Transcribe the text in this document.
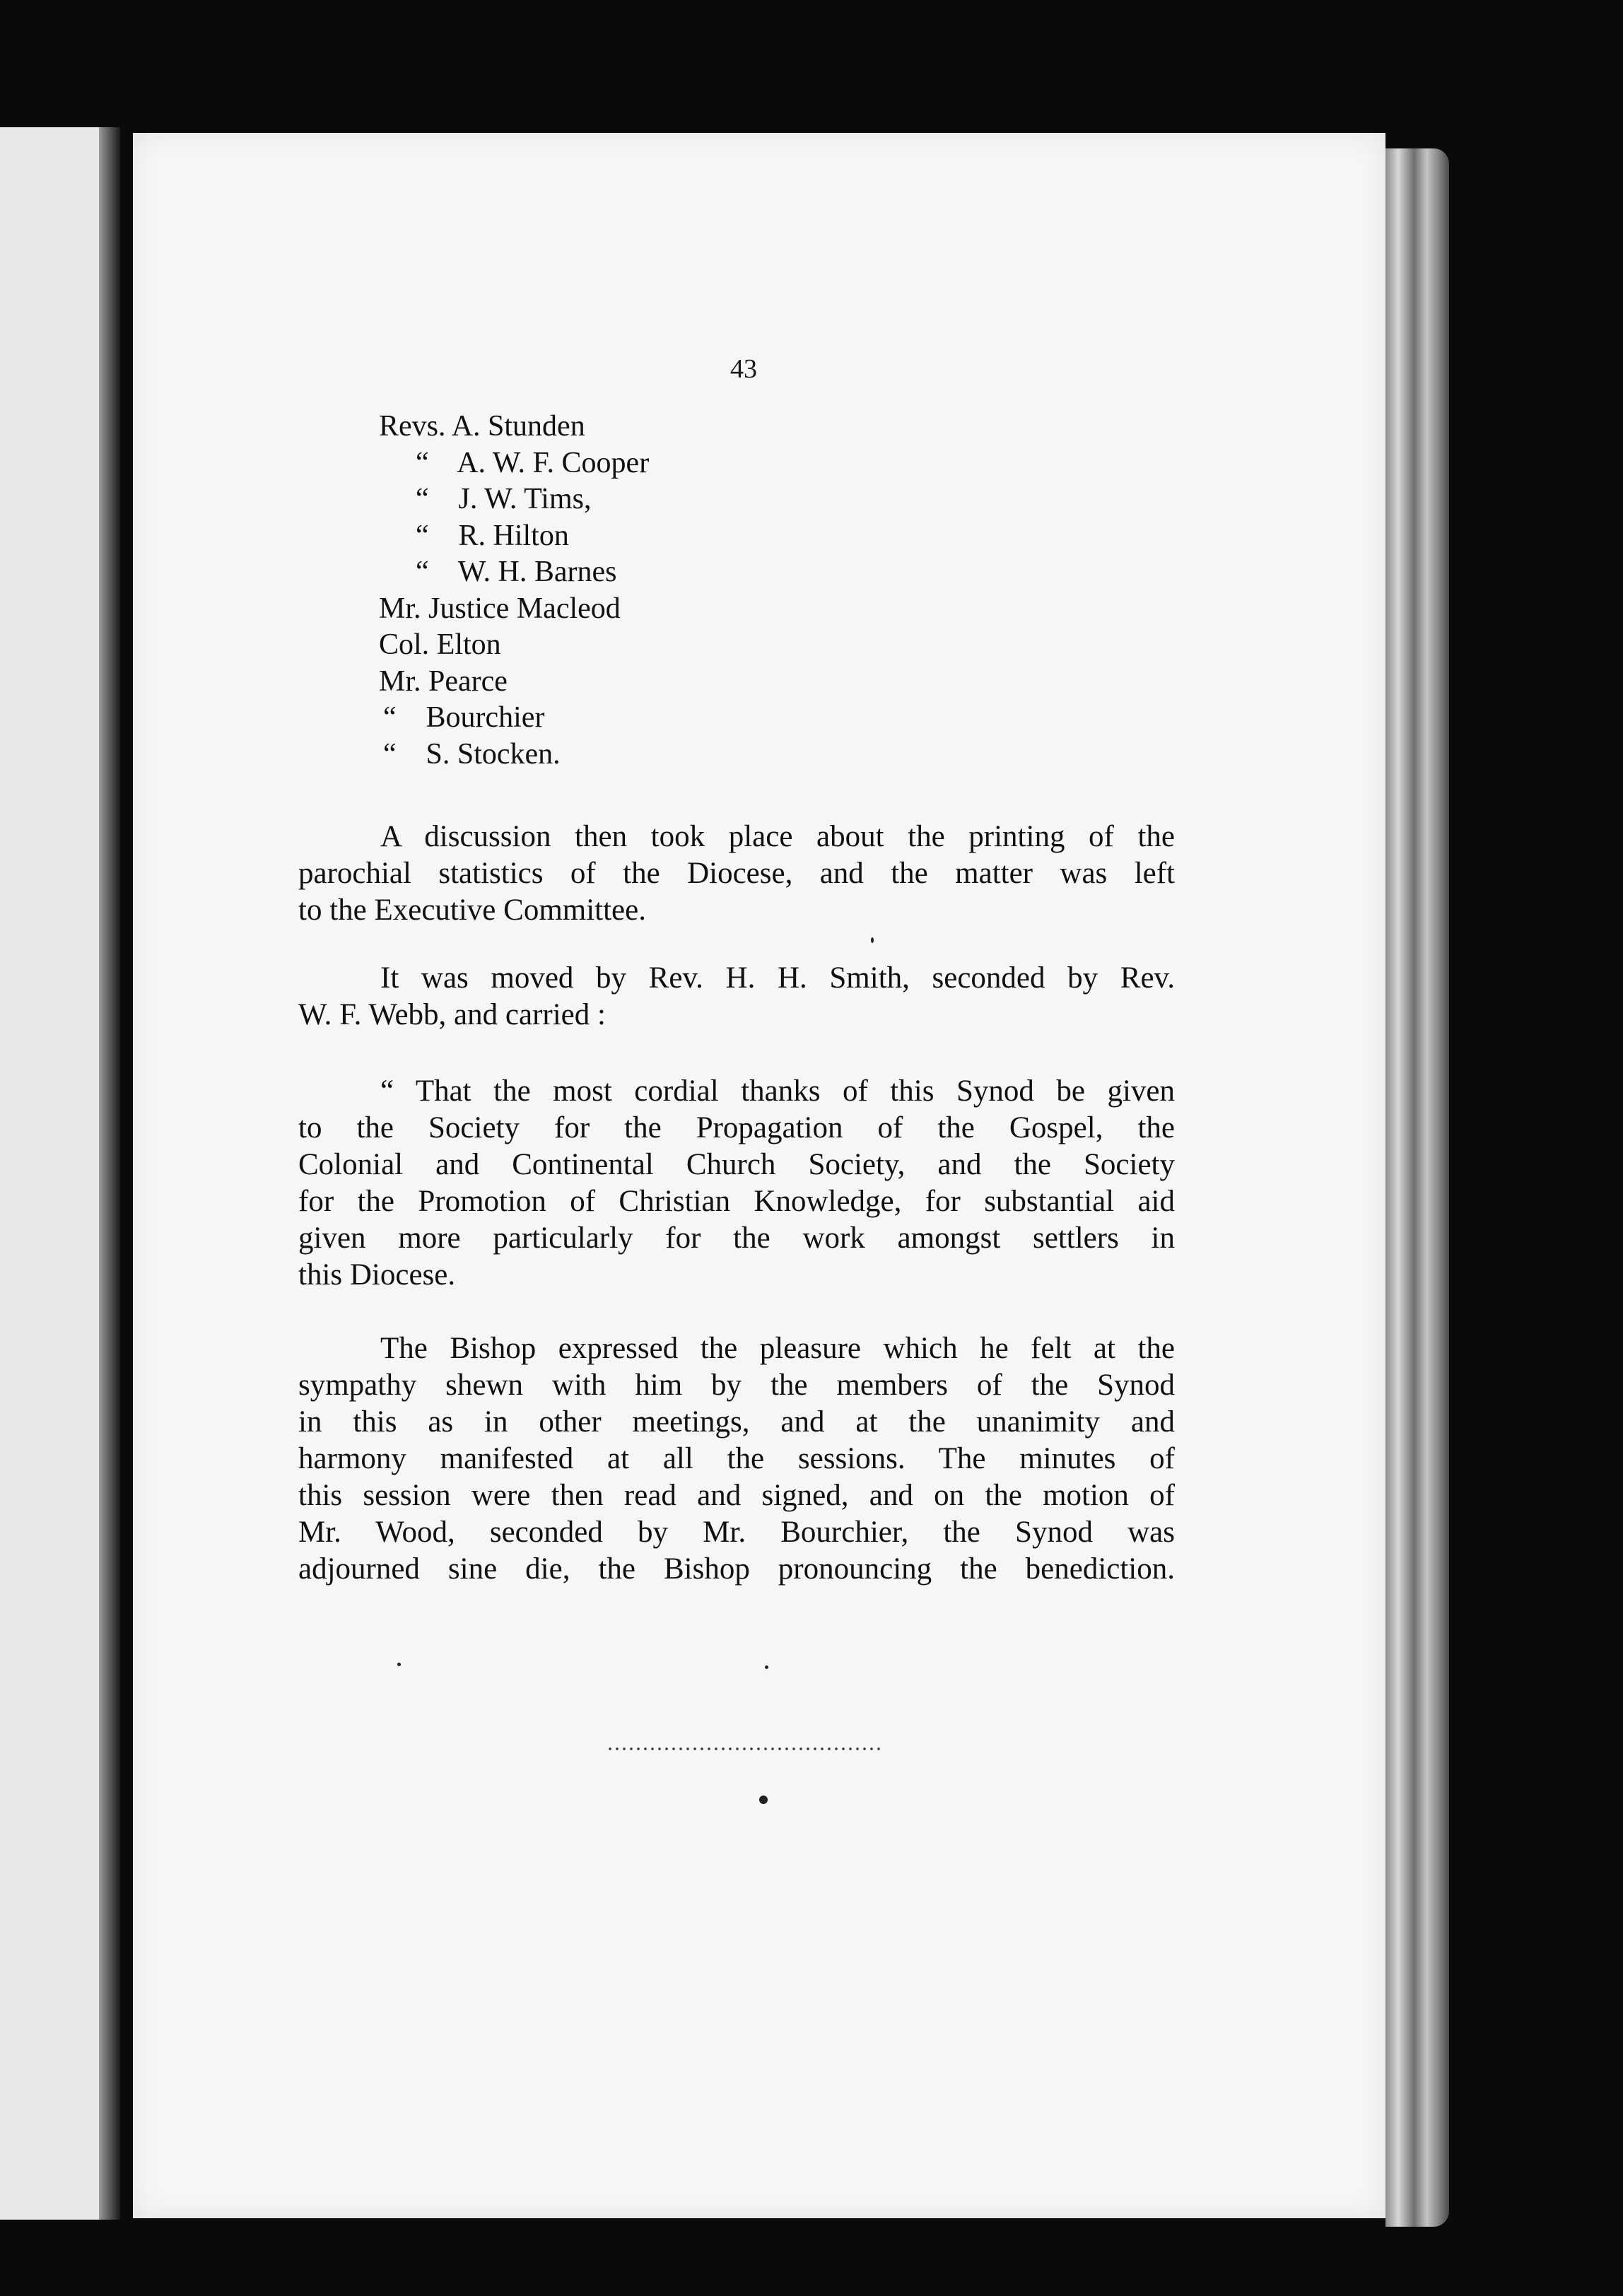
43
Revs. A. Stunden
“ A. W. F. Cooper
“ J. W. Tims,
“ R. Hilton
“ W. H. Barnes
Mr. Justice Macleod
Col. Elton
Mr. Pearce
“ Bourchier
“ S. Stocken.
A discussion then took place about the printing of the
parochial statistics of the Diocese, and the matter was left
to the Executive Committee.
It was moved by Rev. H. H. Smith, seconded by Rev.
W. F. Webb, and carried :
“ That the most cordial thanks of this Synod be given
to the Society for the Propagation of the Gospel, the
Colonial and Continental Church Society, and the Society
for the Promotion of Christian Knowledge, for substantial aid
given more particularly for the work amongst settlers in
this Diocese.
The Bishop expressed the pleasure which he felt at the
sympathy shewn with him by the members of the Synod
in this as in other meetings, and at the unanimity and
harmony manifested at all the sessions. The minutes of
this session were then read and signed, and on the motion of
Mr. Wood, seconded by Mr. Bourchier, the Synod was
adjourned sine die, the Bishop pronouncing the benediction.
